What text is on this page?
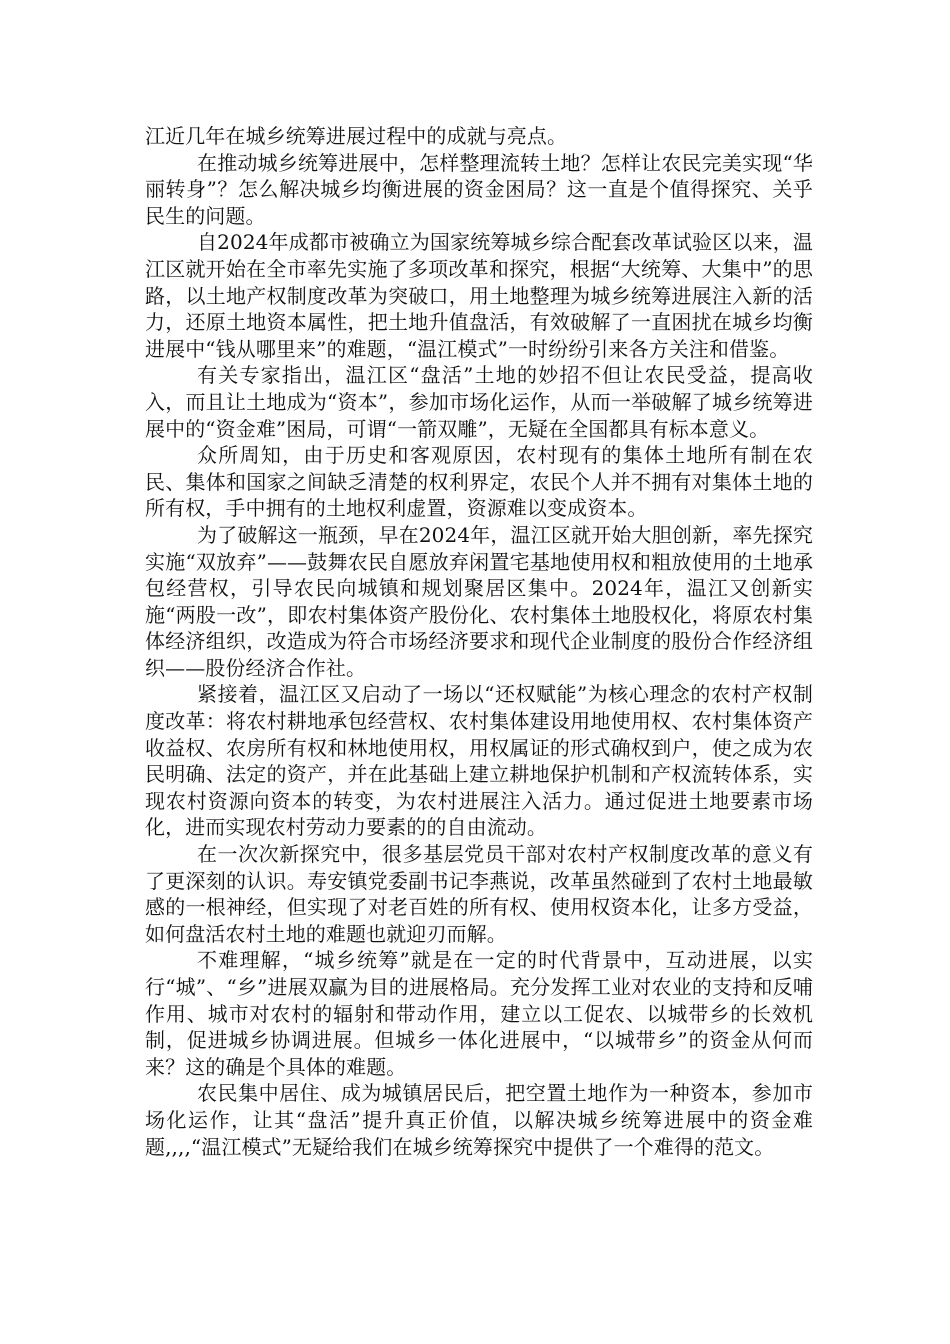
江近几年在城乡统筹进展过程中的成就与亮点。

在推动城乡统筹进展中，怎样整理流转土地？怎样让农民完美实现“华丽转身”？怎么解决城乡均衡进展的资金困局？这一直是个值得探究、关乎民生的问题。

自2024年成都市被确立为国家统筹城乡综合配套改革试验区以来，温江区就开始在全市率先实施了多项改革和探究，根据“大统筹、大集中”的思路，以土地产权制度改革为突破口，用土地整理为城乡统筹进展注入新的活力，还原土地资本属性，把土地升值盘活，有效破解了一直困扰在城乡均衡进展中“钱从哪里来”的难题，“温江模式”一时纷纷引来各方关注和借鉴。

有关专家指出，温江区“盘活”土地的妙招不但让农民受益，提高收入，而且让土地成为“资本”，参加市场化运作，从而一举破解了城乡统筹进展中的“资金难”困局，可谓“一箭双雕”，无疑在全国都具有标本意义。

众所周知，由于历史和客观原因，农村现有的集体土地所有制在农民、集体和国家之间缺乏清楚的权利界定，农民个人并不拥有对集体土地的所有权，手中拥有的土地权利虚置，资源难以变成资本。

为了破解这一瓶颈，早在2024年，温江区就开始大胆创新，率先探究实施“双放弃”——鼓舞农民自愿放弃闲置宅基地使用权和粗放使用的土地承包经营权，引导农民向城镇和规划聚居区集中。2024年，温江又创新实施“两股一改”，即农村集体资产股份化、农村集体土地股权化，将原农村集体经济组织，改造成为符合市场经济要求和现代企业制度的股份合作经济组织——股份经济合作社。

紧接着，温江区又启动了一场以“还权赋能”为核心理念的农村产权制度改革：将农村耕地承包经营权、农村集体建设用地使用权、农村集体资产收益权、农房所有权和林地使用权，用权属证的形式确权到户，使之成为农民明确、法定的资产，并在此基础上建立耕地保护机制和产权流转体系，实现农村资源向资本的转变，为农村进展注入活力。通过促进土地要素市场化，进而实现农村劳动力要素的的自由流动。

在一次次新探究中，很多基层党员干部对农村产权制度改革的意义有了更深刻的认识。寿安镇党委副书记李燕说，改革虽然碰到了农村土地最敏感的一根神经，但实现了对老百姓的所有权、使用权资本化，让多方受益，如何盘活农村土地的难题也就迎刃而解。

不难理解，“城乡统筹”就是在一定的时代背景中，互动进展，以实行“城”、“乡”进展双赢为目的进展格局。充分发挥工业对农业的支持和反哺作用、城市对农村的辐射和带动作用，建立以工促农、以城带乡的长效机制，促进城乡协调进展。但城乡一体化进展中，“以城带乡”的资金从何而来？这的确是个具体的难题。

农民集中居住、成为城镇居民后，把空置土地作为一种资本，参加市场化运作，让其“盘活”提升真正价值，以解决城乡统筹进展中的资金难题,,,,“温江模式”无疑给我们在城乡统筹探究中提供了一个难得的范文。
